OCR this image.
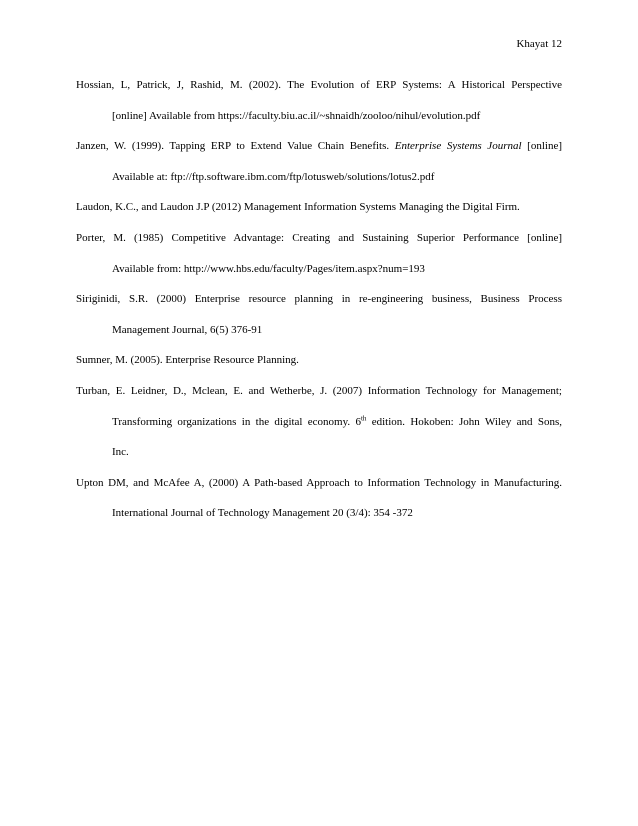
Khayat 12
Hossian, L, Patrick, J, Rashid, M. (2002). The Evolution of ERP Systems: A Historical Perspective
[online] Available from https://faculty.biu.ac.il/~shnaidh/zooloo/nihul/evolution.pdf
Janzen, W. (1999). Tapping ERP to Extend Value Chain Benefits. Enterprise Systems Journal [online]
Available at: ftp://ftp.software.ibm.com/ftp/lotusweb/solutions/lotus2.pdf
Laudon, K.C., and Laudon J.P (2012) Management Information Systems Managing the Digital Firm.
Porter, M. (1985) Competitive Advantage: Creating and Sustaining Superior Performance [online]
Available from: http://www.hbs.edu/faculty/Pages/item.aspx?num=193
Siriginidi, S.R. (2000) Enterprise resource planning in re-engineering business, Business Process
Management Journal, 6(5) 376-91
Sumner, M. (2005). Enterprise Resource Planning.
Turban, E. Leidner, D., Mclean, E. and Wetherbe, J. (2007) Information Technology for Management;
Transforming organizations in the digital economy. 6th edition. Hokoben: John Wiley and Sons,
Inc.
Upton DM, and McAfee A, (2000) A Path-based Approach to Information Technology in Manufacturing.
International Journal of Technology Management 20 (3/4): 354 -372
